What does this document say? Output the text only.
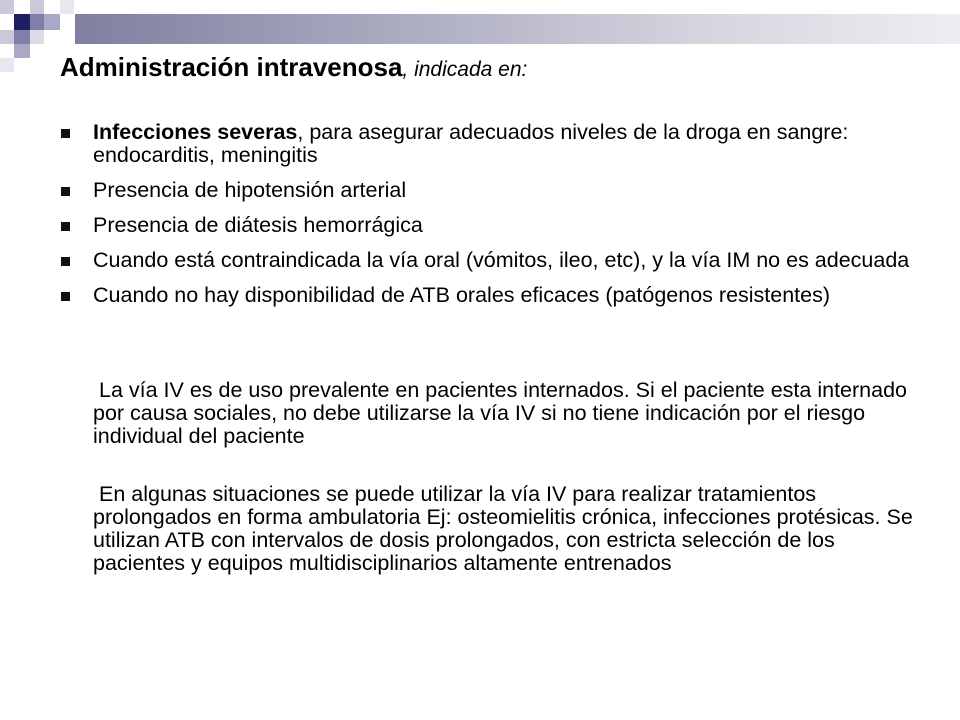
Administración intravenosa, indicada en:
Infecciones severas, para asegurar adecuados niveles de la droga en sangre: endocarditis, meningitis
Presencia de hipotensión arterial
Presencia de diátesis hemorrágica
Cuando está contraindicada la vía oral (vómitos, ileo, etc), y la vía IM no es adecuada
Cuando no hay disponibilidad de ATB orales eficaces (patógenos resistentes)
La vía IV es de uso prevalente en pacientes internados. Si el paciente esta internado por causa sociales, no debe utilizarse la vía IV si no tiene indicación por el riesgo individual del paciente
En algunas situaciones se puede utilizar la vía IV para realizar tratamientos prolongados en forma ambulatoria Ej: osteomielitis crónica, infecciones protésicas. Se utilizan ATB con intervalos de dosis prolongados, con estricta selección de los pacientes y equipos multidisciplinarios altamente entrenados
